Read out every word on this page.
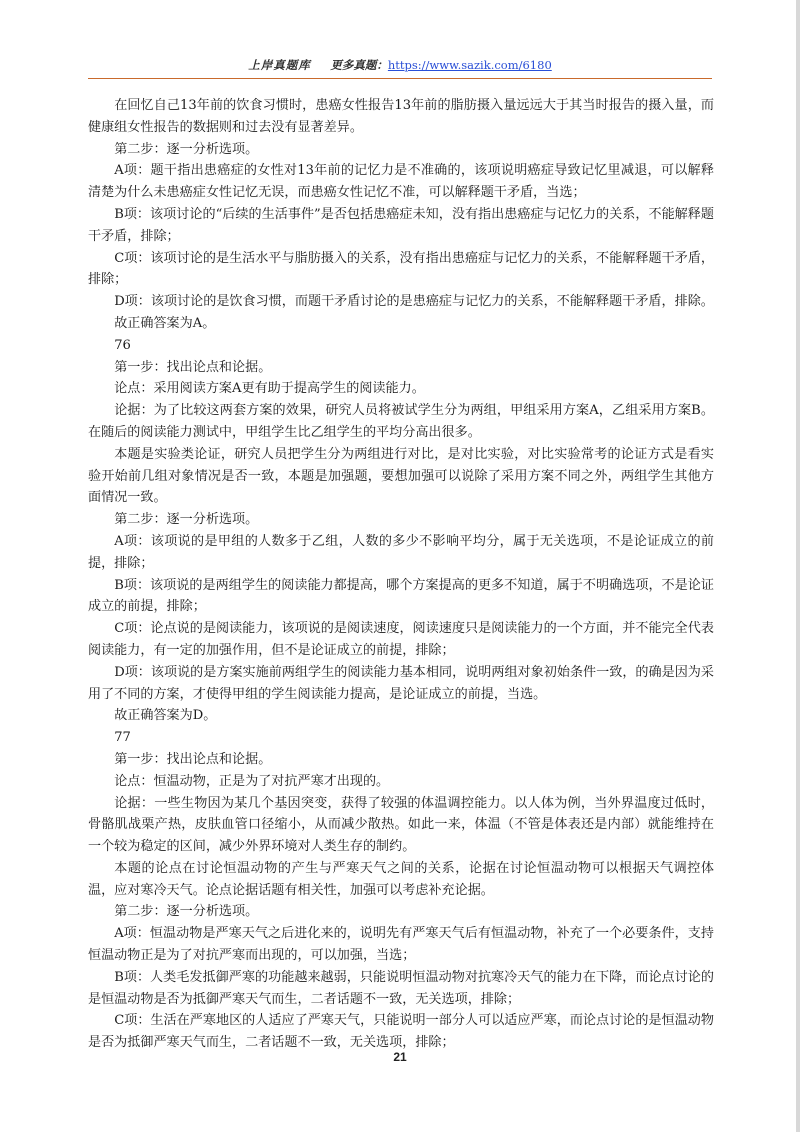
上岸真题库 更多真题：https://www.sazik.com/6180

在回忆自己13年前的饮食习惯时，患癌女性报告13年前的脂肪摄入量远远大于其当时报告的摄入量，而健康组女性报告的数据则和过去没有显著差异。

第二步：逐一分析选项。

A项：题干指出患癌症的女性对13年前的记忆力是不准确的，该项说明癌症导致记忆里减退，可以解释清楚为什么未患癌症女性记忆无误，而患癌女性记忆不准，可以解释题干矛盾，当选；

B项：该项讨论的“后续的生活事件”是否包括患癌症未知，没有指出患癌症与记忆力的关系，不能解释题干矛盾，排除；

C项：该项讨论的是生活水平与脂肪摄入的关系，没有指出患癌症与记忆力的关系，不能解释题干矛盾，排除；

D项：该项讨论的是饮食习惯，而题干矛盾讨论的是患癌症与记忆力的关系，不能解释题干矛盾，排除。

故正确答案为A。

76

第一步：找出论点和论据。

论点：采用阅读方案A更有助于提高学生的阅读能力。

论据：为了比较这两套方案的效果，研究人员将被试学生分为两组，甲组采用方案A，乙组采用方案B。在随后的阅读能力测试中，甲组学生比乙组学生的平均分高出很多。

本题是实验类论证，研究人员把学生分为两组进行对比，是对比实验，对比实验常考的论证方式是看实验开始前几组对象情况是否一致，本题是加强题，要想加强可以说除了采用方案不同之外，两组学生其他方面情况一致。

第二步：逐一分析选项。

A项：该项说的是甲组的人数多于乙组，人数的多少不影响平均分，属于无关选项，不是论证成立的前提，排除；

B项：该项说的是两组学生的阅读能力都提高，哪个方案提高的更多不知道，属于不明确选项，不是论证成立的前提，排除；

C项：论点说的是阅读能力，该项说的是阅读速度，阅读速度只是阅读能力的一个方面，并不能完全代表阅读能力，有一定的加强作用，但不是论证成立的前提，排除；

D项：该项说的是方案实施前两组学生的阅读能力基本相同，说明两组对象初始条件一致，的确是因为采用了不同的方案，才使得甲组的学生阅读能力提高，是论证成立的前提，当选。

故正确答案为D。

77

第一步：找出论点和论据。

论点：恒温动物，正是为了对抗严寒才出现的。

论据：一些生物因为某几个基因突变，获得了较强的体温调控能力。以人体为例，当外界温度过低时，骨骼肌战栗产热，皮肤血管口径缩小，从而减少散热。如此一来，体温（不管是体表还是内部）就能维持在一个较为稳定的区间，减少外界环境对人类生存的制约。

本题的论点在讨论恒温动物的产生与严寒天气之间的关系，论据在讨论恒温动物可以根据天气调控体温，应对寒冷天气。论点论据话题有相关性，加强可以考虑补充论据。

第二步：逐一分析选项。

A项：恒温动物是严寒天气之后进化来的，说明先有严寒天气后有恒温动物，补充了一个必要条件，支持恒温动物正是为了对抗严寒而出现的，可以加强，当选；

B项：人类毛发抵御严寒的功能越来越弱，只能说明恒温动物对抗寒冷天气的能力在下降，而论点讨论的是恒温动物是否为抵御严寒天气而生，二者话题不一致，无关选项，排除；

C项：生活在严寒地区的人适应了严寒天气，只能说明一部分人可以适应严寒，而论点讨论的是恒温动物是否为抵御严寒天气而生，二者话题不一致，无关选项，排除；

21
